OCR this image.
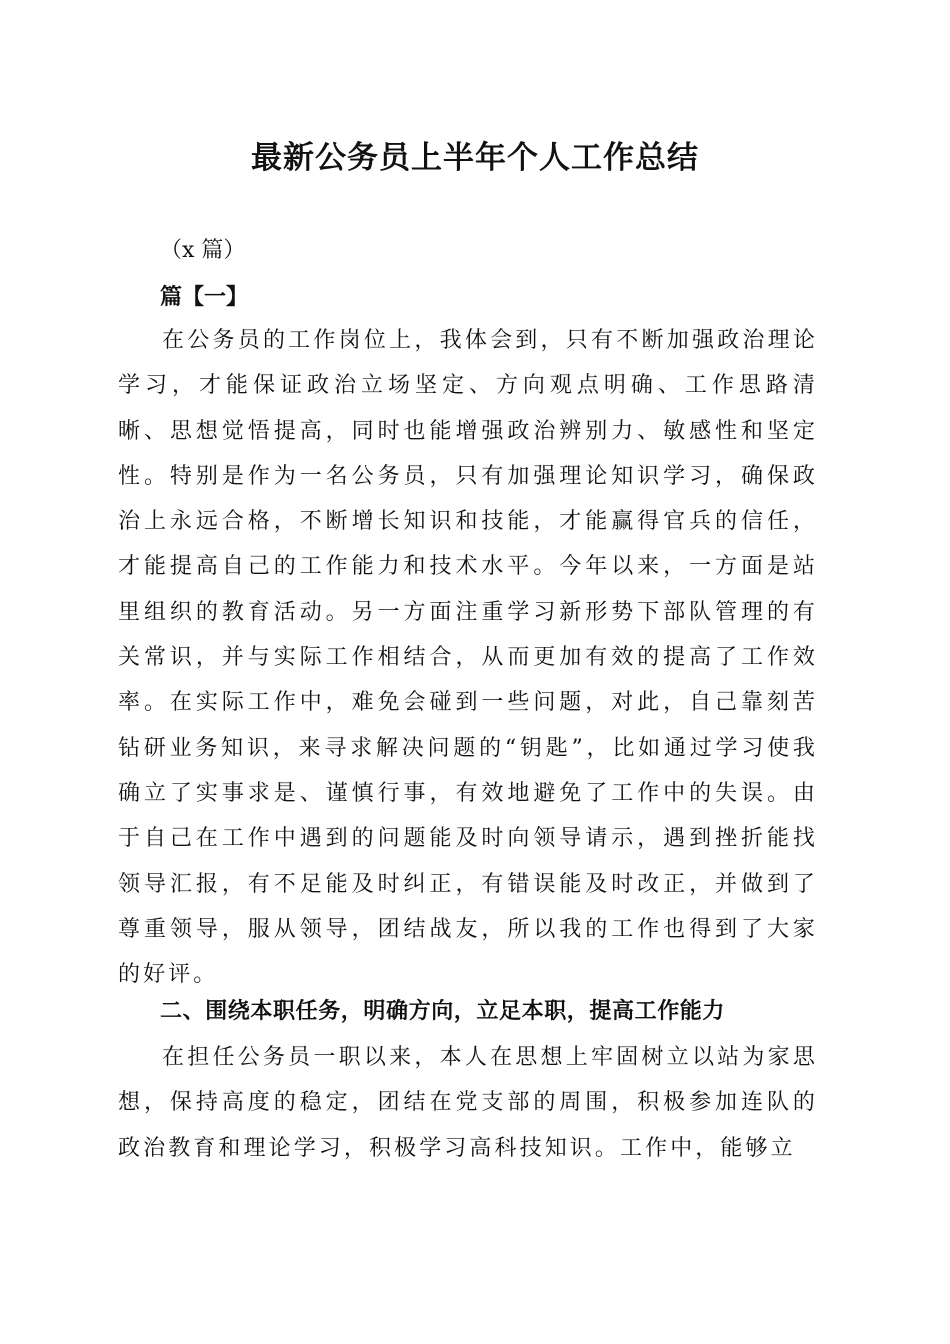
最新公务员上半年个人工作总结
（x 篇）
篇【一】
在公务员的工作岗位上，我体会到，只有不断加强政治理论学习，才能保证政治立场坚定、方向观点明确、工作思路清晰、思想觉悟提高，同时也能增强政治辨别力、敏感性和坚定性。特别是作为一名公务员，只有加强理论知识学习，确保政治上永远合格，不断增长知识和技能，才能赢得官兵的信任，才能提高自己的工作能力和技术水平。今年以来，一方面是站里组织的教育活动。另一方面注重学习新形势下部队管理的有关常识，并与实际工作相结合，从而更加有效的提高了工作效率。在实际工作中，难免会碰到一些问题，对此，自己靠刻苦钻研业务知识，来寻求解决问题的“钥匙”，比如通过学习使我确立了实事求是、谨慎行事，有效地避免了工作中的失误。由于自己在工作中遇到的问题能及时向领导请示，遇到挫折能找领导汇报，有不足能及时纠正，有错误能及时改正，并做到了尊重领导，服从领导，团结战友，所以我的工作也得到了大家的好评。
二、围绕本职任务，明确方向，立足本职，提高工作能力
在担任公务员一职以来，本人在思想上牢固树立以站为家思想，保持高度的稳定，团结在党支部的周围，积极参加连队的政治教育和理论学习，积极学习高科技知识。工作中，能够立
